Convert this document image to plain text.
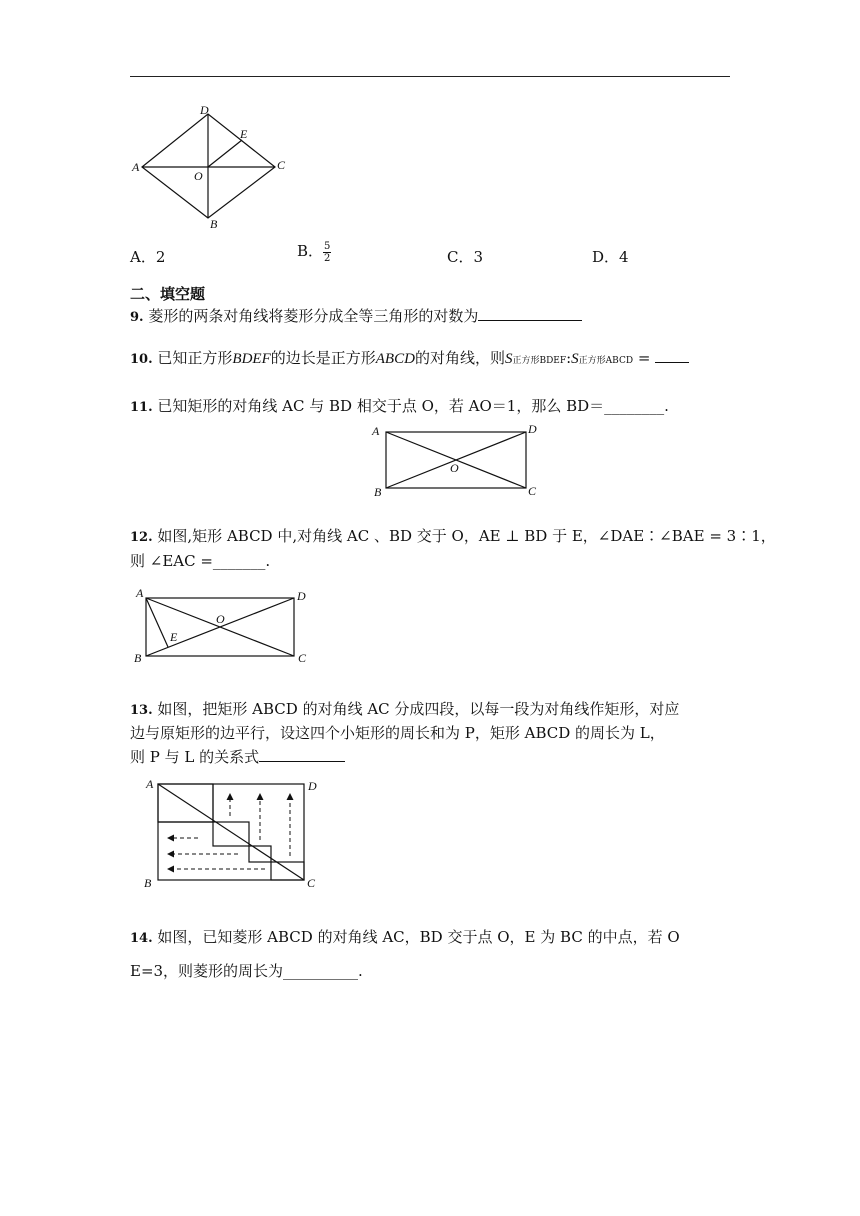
A
D
E
C
O
B
A．2	B． $\frac{5}{2}$	C．3	D．4
二、填空题
9. 菱形的两条对角线将菱形分成全等三角形的对数为
10. 已知正方形BDEF的边长是正方形ABCD的对角线，则S正方形BDEF:S正方形ABCD =
11. 已知矩形的对角线 AC 与 BD 相交于点 O，若 AO＝1，那么 BD＝________.
A	D
O
B	C
12. 如图,矩形 ABCD 中,对角线 AC 、BD 交于 O，AE ⊥ BD 于 E，∠DAE∶∠BAE = 3∶1，
则 ∠EAC =_______.
A	D
O
E
B	C
13. 如图，把矩形 ABCD 的对角线 AC 分成四段，以每一段为对角线作矩形，对应
边与原矩形的边平行，设这四个小矩形的周长和为 P，矩形 ABCD 的周长为 L，
则 P 与 L 的关系式
A	D
B	C
14. 如图，已知菱形 ABCD 的对角线 AC，BD 交于点 O，E 为 BC 的中点，若 O
E=3，则菱形的周长为__________.
